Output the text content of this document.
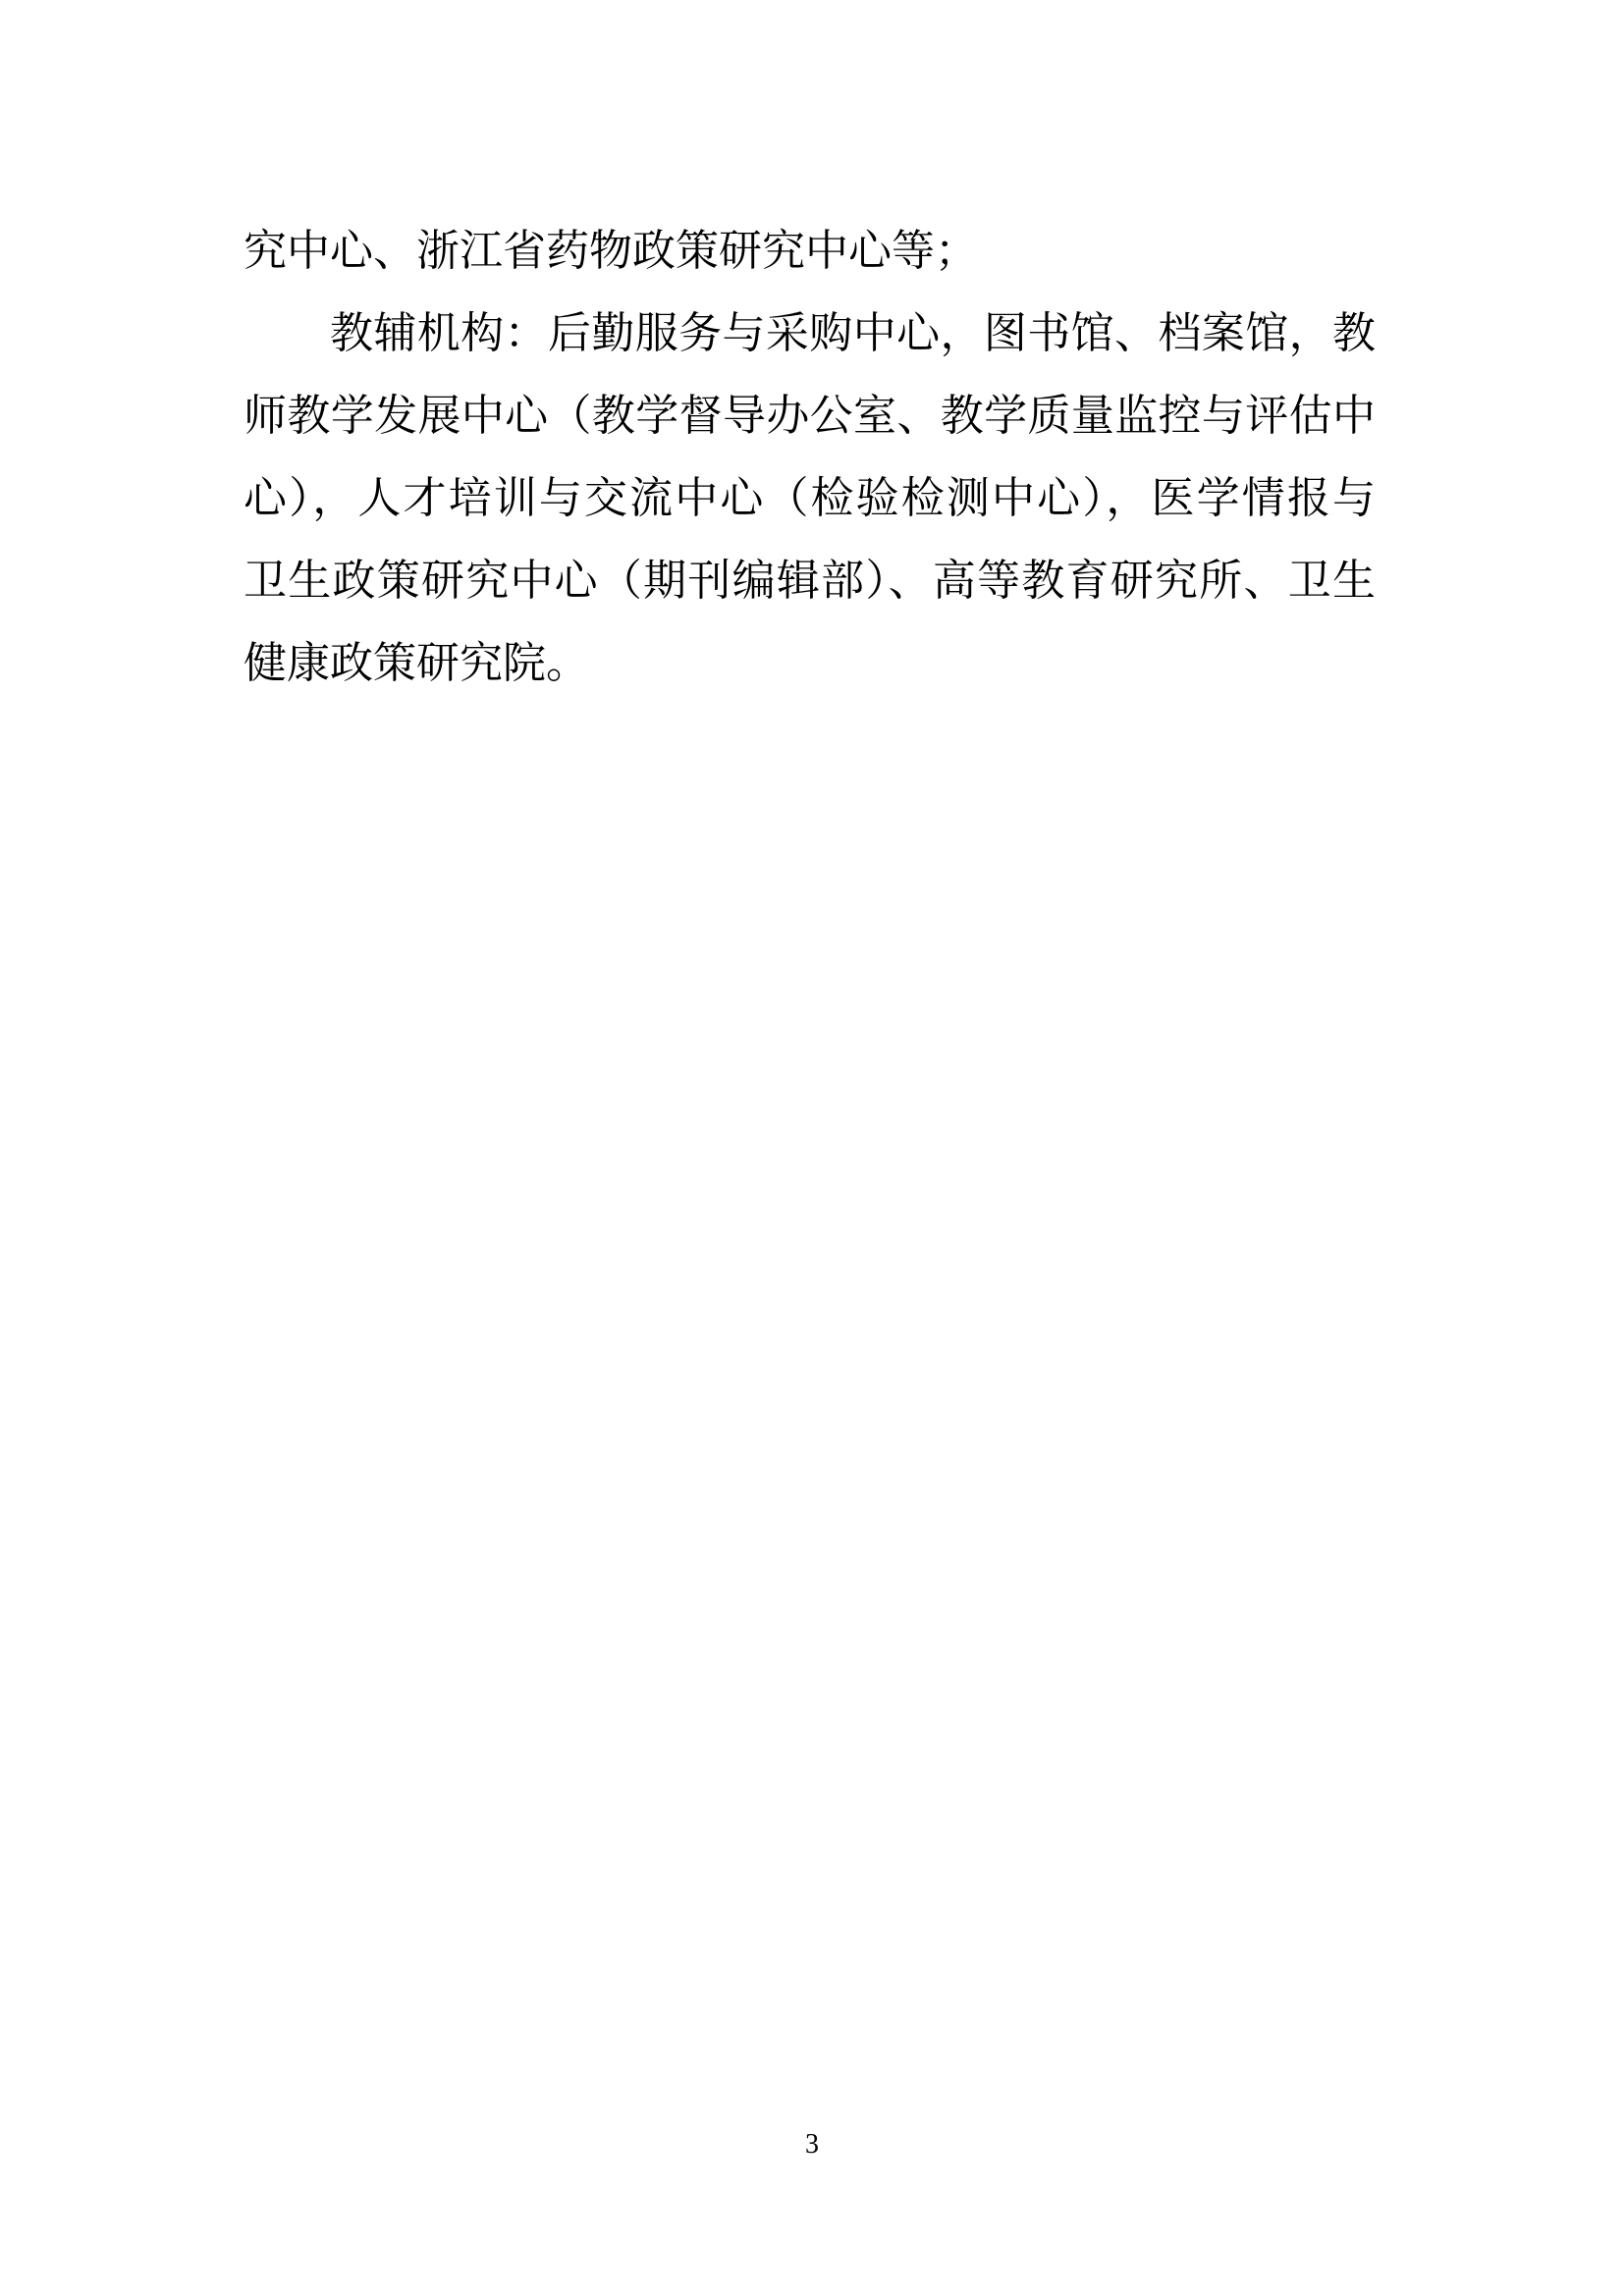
究中心、浙江省药物政策研究中心等；

教辅机构：后勤服务与采购中心，图书馆、档案馆，教
师教学发展中心（教学督导办公室、教学质量监控与评估中
心），人才培训与交流中心（检验检测中心），医学情报与
卫生政策研究中心（期刊编辑部）、高等教育研究所、卫生
健康政策研究院。

3
